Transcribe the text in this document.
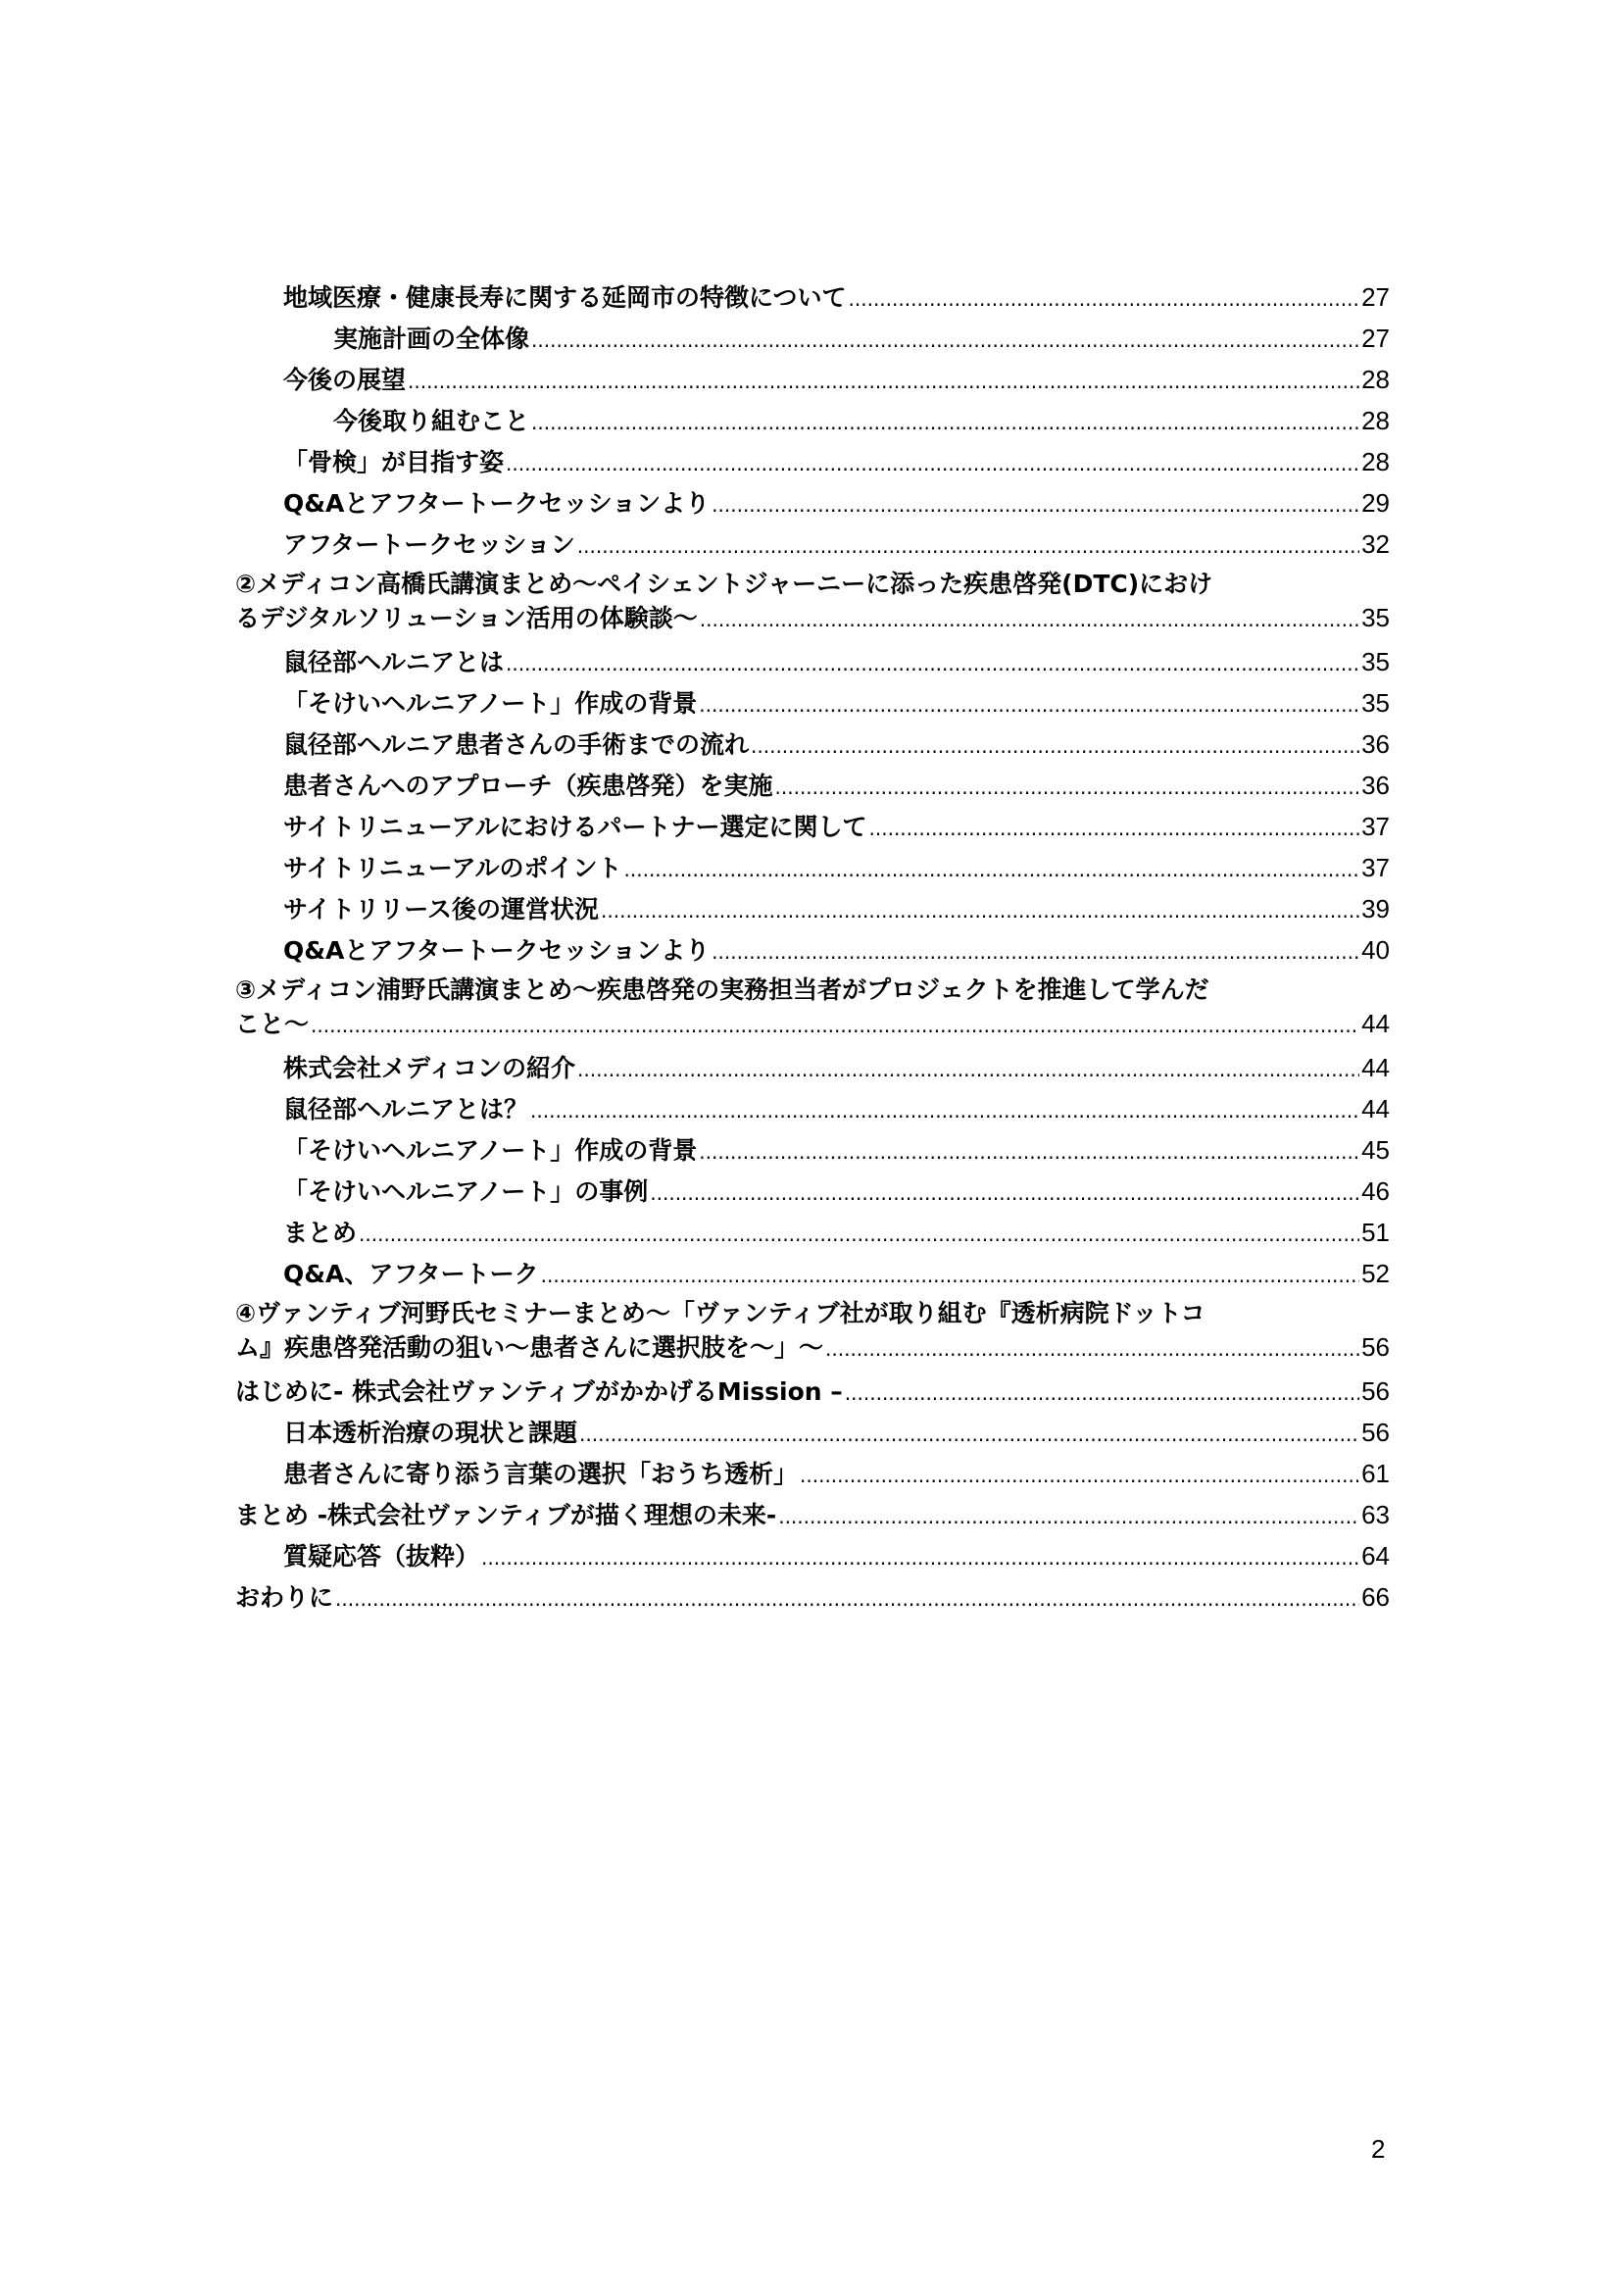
地域医療・健康長寿に関する延岡市の特徴について .....	27
実施計画の全体像 .....	27
今後の展望 .....	28
今後取り組むこと .....	28
「骨検」が目指す姿 .....	28
Q&Aとアフタートークセッションより .....	29
アフタートークセッション .....	32
②メディコン高橋氏講演まとめ～ペイシェントジャーニーに添った疾患啓発(DTC)におけ
るデジタルソリューション活用の体験談～ .....	35
鼠径部ヘルニアとは .....	35
「そけいヘルニアノート」作成の背景 .....	35
鼠径部ヘルニア患者さんの手術までの流れ .....	36
患者さんへのアプローチ（疾患啓発）を実施 .....	36
サイトリニューアルにおけるパートナー選定に関して .....	37
サイトリニューアルのポイント .....	37
サイトリリース後の運営状況 .....	39
Q&Aとアフタートークセッションより .....	40
③メディコン浦野氏講演まとめ～疾患啓発の実務担当者がプロジェクトを推進して学んだ
こと～ .....	44
株式会社メディコンの紹介 .....	44
鼠径部ヘルニアとは？ .....	44
「そけいヘルニアノート」作成の背景 .....	45
「そけいヘルニアノート」の事例 .....	46
まとめ .....	51
Q&A、アフタートーク .....	52
④ヴァンティブ河野氏セミナーまとめ～「ヴァンティブ社が取り組む『透析病院ドットコ
ム』疾患啓発活動の狙い～患者さんに選択肢を～」～ .....	56
はじめに- 株式会社ヴァンティブがかかげるMission – .....	56
日本透析治療の現状と課題 .....	56
患者さんに寄り添う言葉の選択「おうち透析」 .....	61
まとめ -株式会社ヴァンティブが描く理想の未来- .....	63
質疑応答（抜粋） .....	64
おわりに .....	66
2
